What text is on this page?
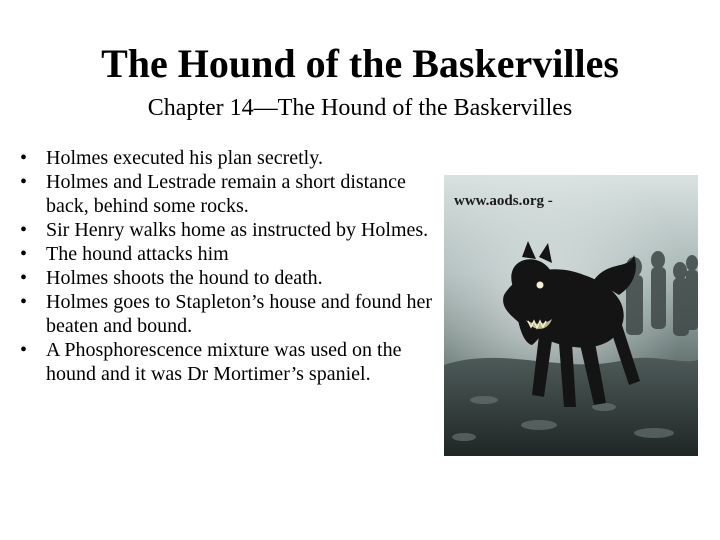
The Hound of the Baskervilles
Chapter 14—The Hound of the Baskervilles
• Holmes executed his plan secretly.
• Holmes and Lestrade remain a short distance back, behind some rocks.
• Sir Henry walks home as instructed by Holmes.
• The hound attacks him
• Holmes shoots the hound to death.
• Holmes goes to Stapleton’s house and found her beaten and bound.
• A Phosphorescence mixture was used on the hound and it was Dr Mortimer’s spaniel.
www.aods.org -
